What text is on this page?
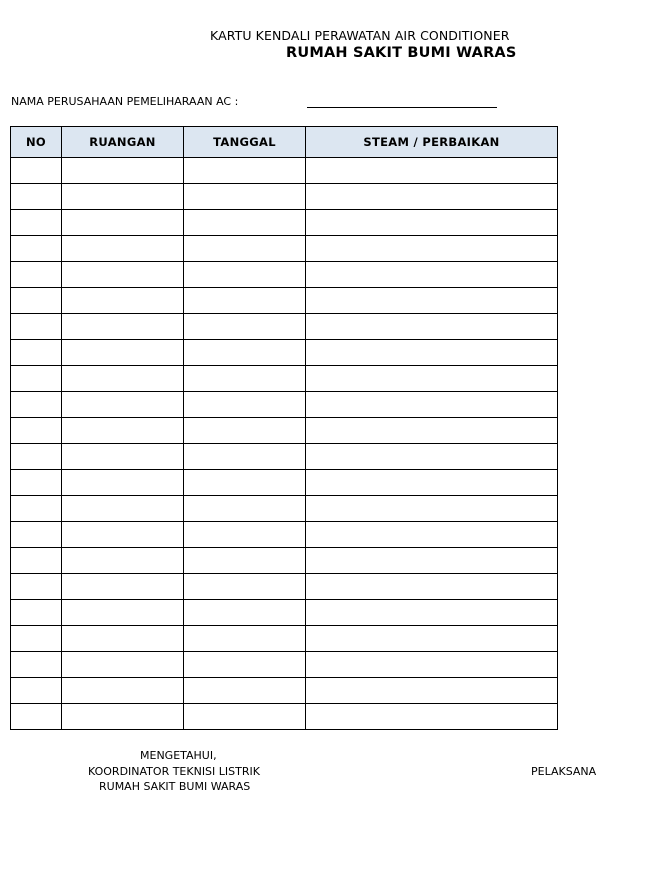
KARTU KENDALI PERAWATAN AIR CONDITIONER
RUMAH SAKIT BUMI WARAS
NAMA PERUSAHAAN PEMELIHARAAN AC :
NO	RUANGAN	TANGGAL	STEAM / PERBAIKAN

MENGETAHUI,
KOORDINATOR TEKNISI LISTRIK
RUMAH SAKIT BUMI WARAS
PELAKSANA
